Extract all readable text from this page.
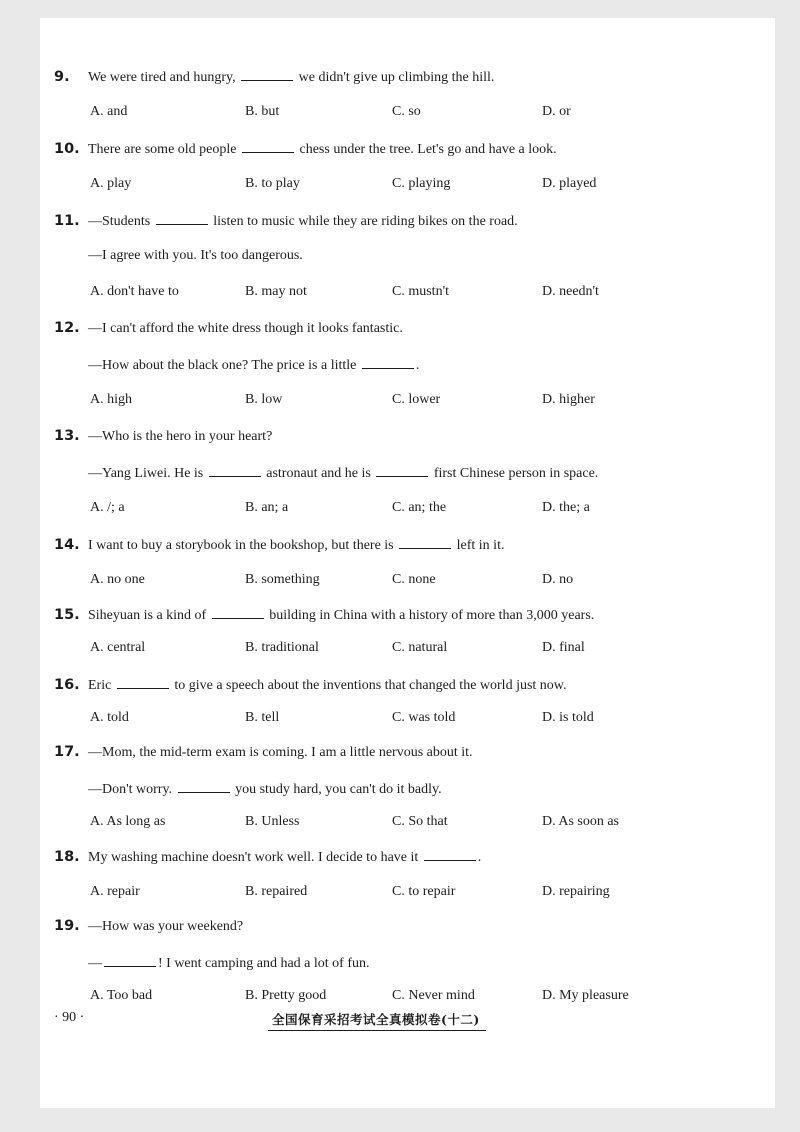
9. We were tired and hungry,	we didn't give up climbing the hill.
A. and	B. but	C. so	D. or
10. There are some old people	chess under the tree. Let's go and have a look.
A. play	B. to play	C. playing	D. played
11. —Students	listen to music while they are riding bikes on the road.
—I agree with you. It's too dangerous.
A. don't have to	B. may not	C. mustn't	D. needn't
12. —I can't afford the white dress though it looks fantastic.
—How about the black one? The price is a little	.
A. high	B. low	C. lower	D. higher
13. —Who is the hero in your heart?
—Yang Liwei. He is	astronaut and he is	first Chinese person in space.
A. /; a	B. an; a	C. an; the	D. the; a
14. I want to buy a storybook in the bookshop, but there is	left in it.
A. no one	B. something	C. none	D. no
15. Siheyuan is a kind of	building in China with a history of more than 3,000 years.
A. central	B. traditional	C. natural	D. final
16. Eric	to give a speech about the inventions that changed the world just now.
A. told	B. tell	C. was told	D. is told
17. —Mom, the mid-term exam is coming. I am a little nervous about it.
—Don't worry.	you study hard, you can't do it badly.
A. As long as	B. Unless	C. So that	D. As soon as
18. My washing machine doesn't work well. I decide to have it	.
A. repair	B. repaired	C. to repair	D. repairing
19. —How was your weekend?
—	! I went camping and had a lot of fun.
A. Too bad	B. Pretty good	C. Never mind	D. My pleasure
· 90 ·	全国保育采招考试全真模拟卷(十二)
